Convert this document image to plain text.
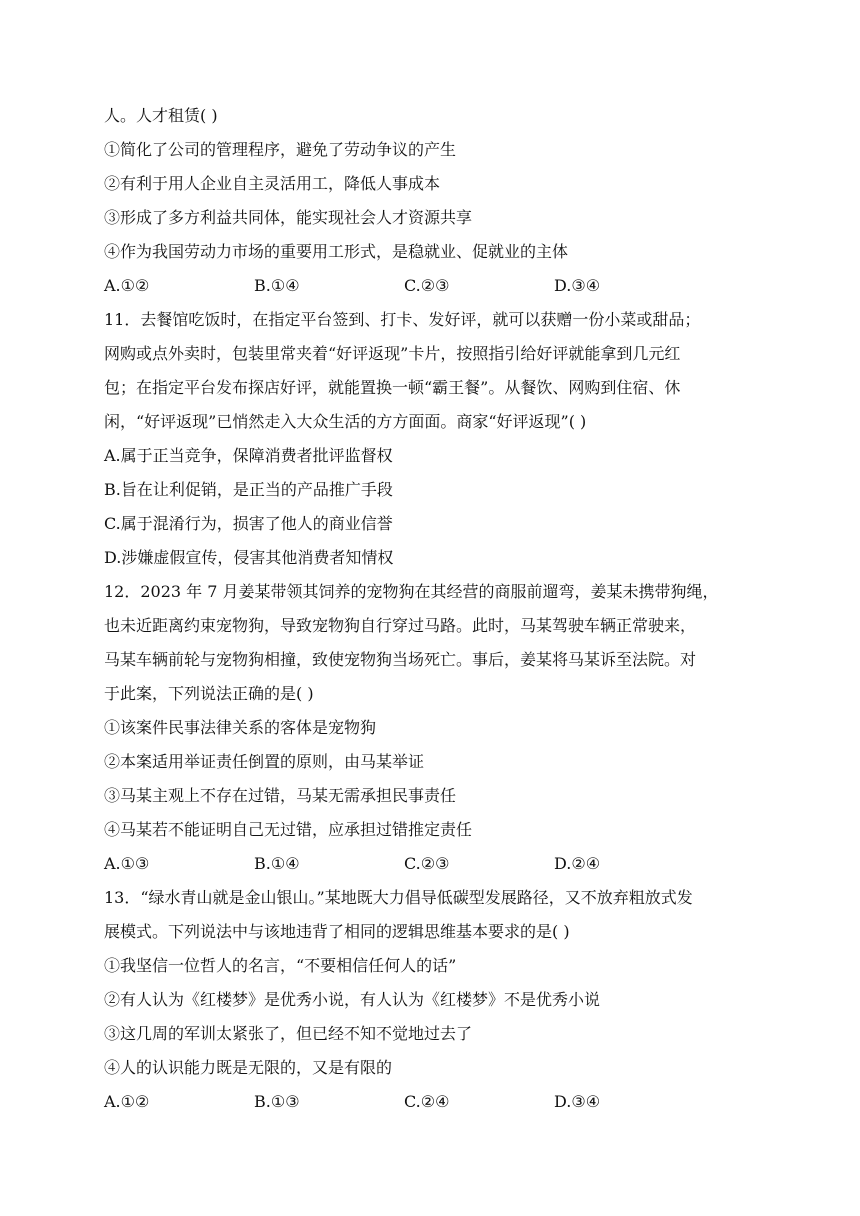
人。人才租赁( )
①简化了公司的管理程序，避免了劳动争议的产生
②有利于用人企业自主灵活用工，降低人事成本
③形成了多方利益共同体，能实现社会人才资源共享
④作为我国劳动力市场的重要用工形式，是稳就业、促就业的主体
A.①②	B.①④	C.②③	D.③④
11．去餐馆吃饭时，在指定平台签到、打卡、发好评，就可以获赠一份小菜或甜品；
网购或点外卖时，包装里常夹着“好评返现”卡片，按照指引给好评就能拿到几元红
包；在指定平台发布探店好评，就能置换一顿“霸王餐”。从餐饮、网购到住宿、休
闲，“好评返现”已悄然走入大众生活的方方面面。商家“好评返现”( )
A.属于正当竞争，保障消费者批评监督权
B.旨在让利促销，是正当的产品推广手段
C.属于混淆行为，损害了他人的商业信誉
D.涉嫌虚假宣传，侵害其他消费者知情权
12．2023 年 7 月姜某带领其饲养的宠物狗在其经营的商服前遛弯，姜某未携带狗绳，
也未近距离约束宠物狗，导致宠物狗自行穿过马路。此时，马某驾驶车辆正常驶来，
马某车辆前轮与宠物狗相撞，致使宠物狗当场死亡。事后，姜某将马某诉至法院。对
于此案，下列说法正确的是( )
①该案件民事法律关系的客体是宠物狗
②本案适用举证责任倒置的原则，由马某举证
③马某主观上不存在过错，马某无需承担民事责任
④马某若不能证明自己无过错，应承担过错推定责任
A.①③	B.①④	C.②③	D.②④
13．“绿水青山就是金山银山。”某地既大力倡导低碳型发展路径，又不放弃粗放式发
展模式。下列说法中与该地违背了相同的逻辑思维基本要求的是( )
①我坚信一位哲人的名言，“不要相信任何人的话”
②有人认为《红楼梦》是优秀小说，有人认为《红楼梦》不是优秀小说
③这几周的军训太紧张了，但已经不知不觉地过去了
④人的认识能力既是无限的，又是有限的
A.①②	B.①③	C.②④	D.③④
